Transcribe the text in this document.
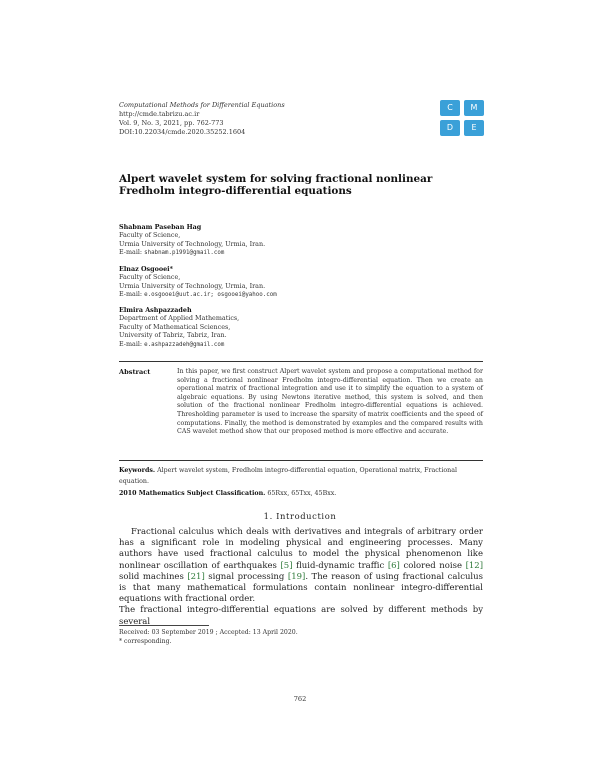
Computational Methods for Differential Equations
http://cmde.tabrizu.ac.ir
Vol. 9, No. 3, 2021, pp. 762-773
DOI:10.22034/cmde.2020.35252.1604
C	M
D	E
Alpert wavelet system for solving fractional nonlinear Fredholm integro-differential equations
Shabnam Paseban Hag
Faculty of Science,
Urmia University of Technology, Urmia, Iran.
E-mail: shabnam.p1991@gmail.com
Elnaz Osgooei*
Faculty of Science,
Urmia University of Technology, Urmia, Iran.
E-mail: e.osgooei@uut.ac.ir; osgooei@yahoo.com
Elmira Ashpazzadeh
Department of Applied Mathematics,
Faculty of Mathematical Sciences,
University of Tabriz, Tabriz, Iran.
E-mail: e.ashpazzadeh@gmail.com
Abstract	In this paper, we first construct Alpert wavelet system and propose a computational method for solving a fractional nonlinear Fredholm integro-differential equation. Then we create an operational matrix of fractional integration and use it to simplify the equation to a system of algebraic equations. By using Newtons iterative method, this system is solved, and then solution of the fractional nonlinear Fredholm integro-differential equations is achieved. Thresholding parameter is used to increase the sparsity of matrix coefficients and the speed of computations. Finally, the method is demonstrated by examples and the compared results with CAS wavelet method show that our proposed method is more effective and accurate.
Keywords. Alpert wavelet system, Fredholm integro-differential equation, Operational matrix, Fractional equation.
2010 Mathematics Subject Classification. 65Rxx, 65Txx, 45Bxx.
1. Introduction

Fractional calculus which deals with derivatives and integrals of arbitrary order has a significant role in modeling physical and engineering processes. Many authors have used fractional calculus to model the physical phenomenon like nonlinear oscillation of earthquakes [5] fluid-dynamic traffic [6] colored noise [12] solid machines [21] signal processing [19]. The reason of using fractional calculus is that many mathematical formulations contain nonlinear integro-differential equations with fractional order.

The fractional integro-differential equations are solved by different methods by several

Received: 03 September 2019 ; Accepted: 13 April 2020.
* corresponding.
762
